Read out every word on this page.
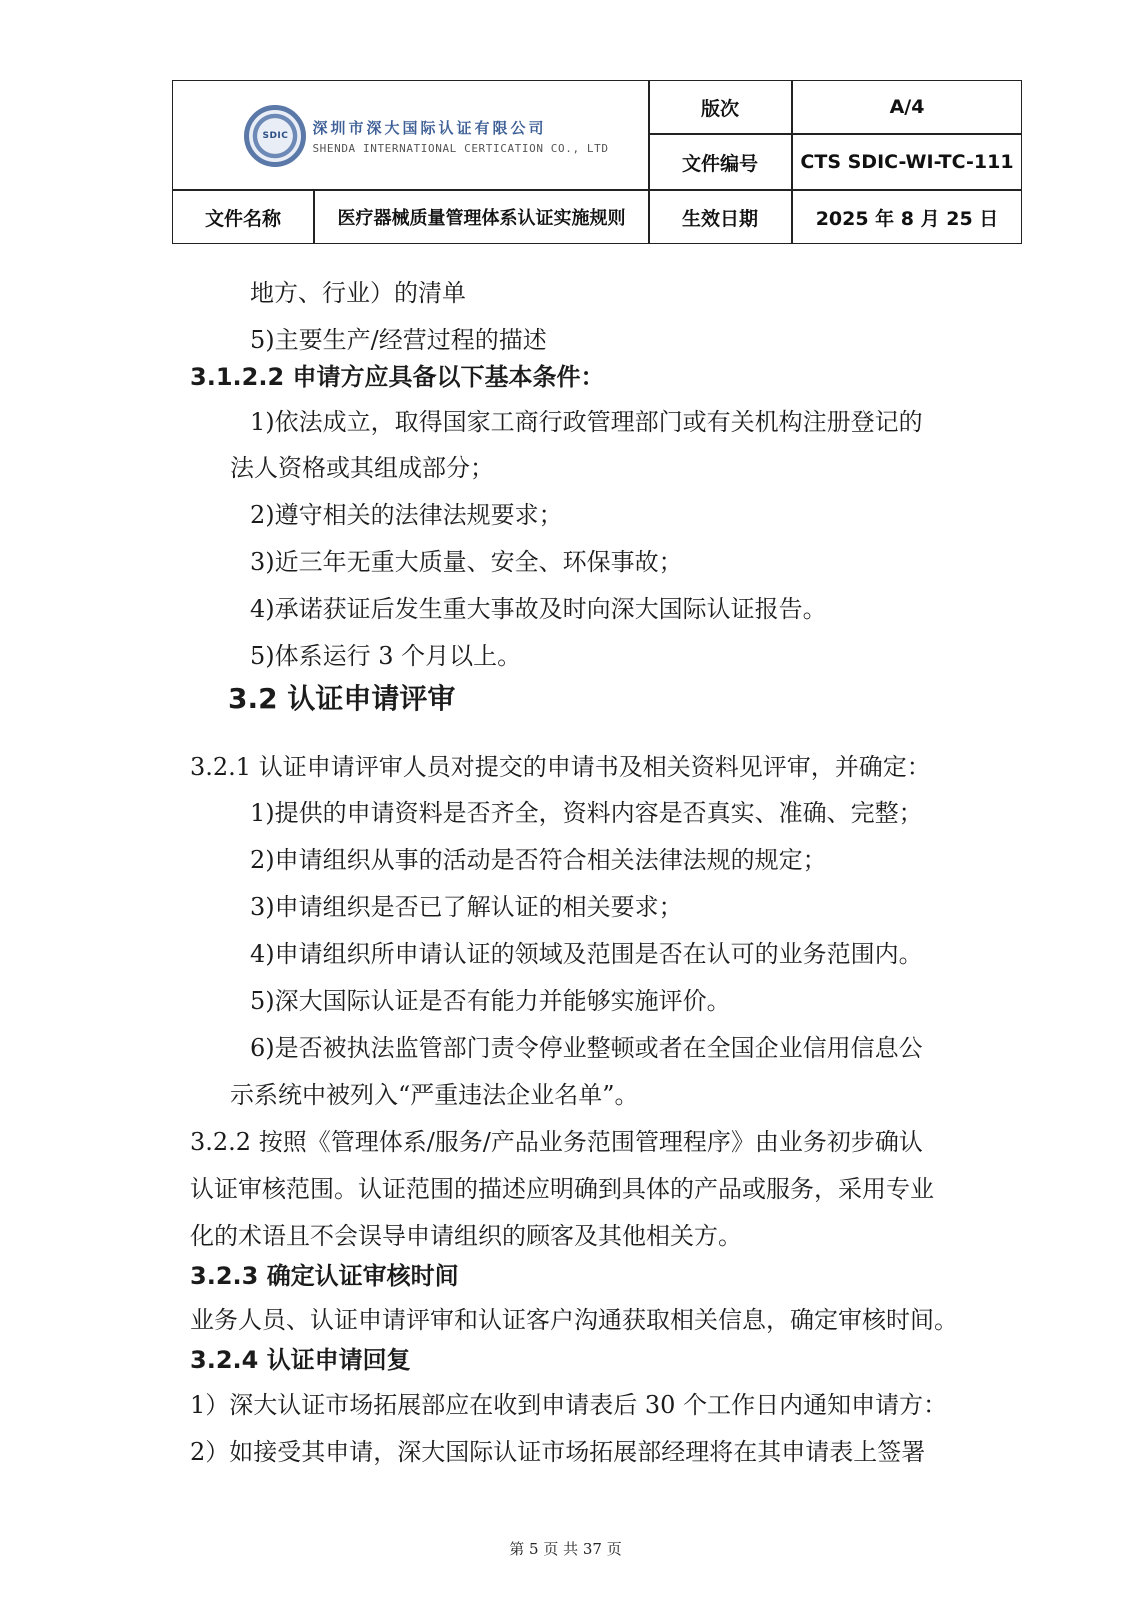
SDIC 深圳市深大国际认证有限公司
SHENDA INTERNATIONAL CERTICATION CO., LTD
版次	A/4
文件编号	CTS SDIC-WI-TC-111
文件名称	医疗器械质量管理体系认证实施规则	生效日期	2025 年 8 月 25 日
地方、行业）的清单
5)主要生产/经营过程的描述
3.1.2.2 申请方应具备以下基本条件：
1)依法成立，取得国家工商行政管理部门或有关机构注册登记的
法人资格或其组成部分；
2)遵守相关的法律法规要求；
3)近三年无重大质量、安全、环保事故；
4)承诺获证后发生重大事故及时向深大国际认证报告。
5)体系运行 3 个月以上。
3.2 认证申请评审
3.2.1 认证申请评审人员对提交的申请书及相关资料见评审，并确定：
1)提供的申请资料是否齐全，资料内容是否真实、准确、完整；
2)申请组织从事的活动是否符合相关法律法规的规定；
3)申请组织是否已了解认证的相关要求；
4)申请组织所申请认证的领域及范围是否在认可的业务范围内。
5)深大国际认证是否有能力并能够实施评价。
6)是否被执法监管部门责令停业整顿或者在全国企业信用信息公
示系统中被列入“严重违法企业名单”。
3.2.2 按照《管理体系/服务/产品业务范围管理程序》由业务初步确认
认证审核范围。认证范围的描述应明确到具体的产品或服务，采用专业
化的术语且不会误导申请组织的顾客及其他相关方。
3.2.3 确定认证审核时间
业务人员、认证申请评审和认证客户沟通获取相关信息，确定审核时间。
3.2.4 认证申请回复
1）深大认证市场拓展部应在收到申请表后 30 个工作日内通知申请方：
2）如接受其申请，深大国际认证市场拓展部经理将在其申请表上签署
第 5 页 共 37 页
